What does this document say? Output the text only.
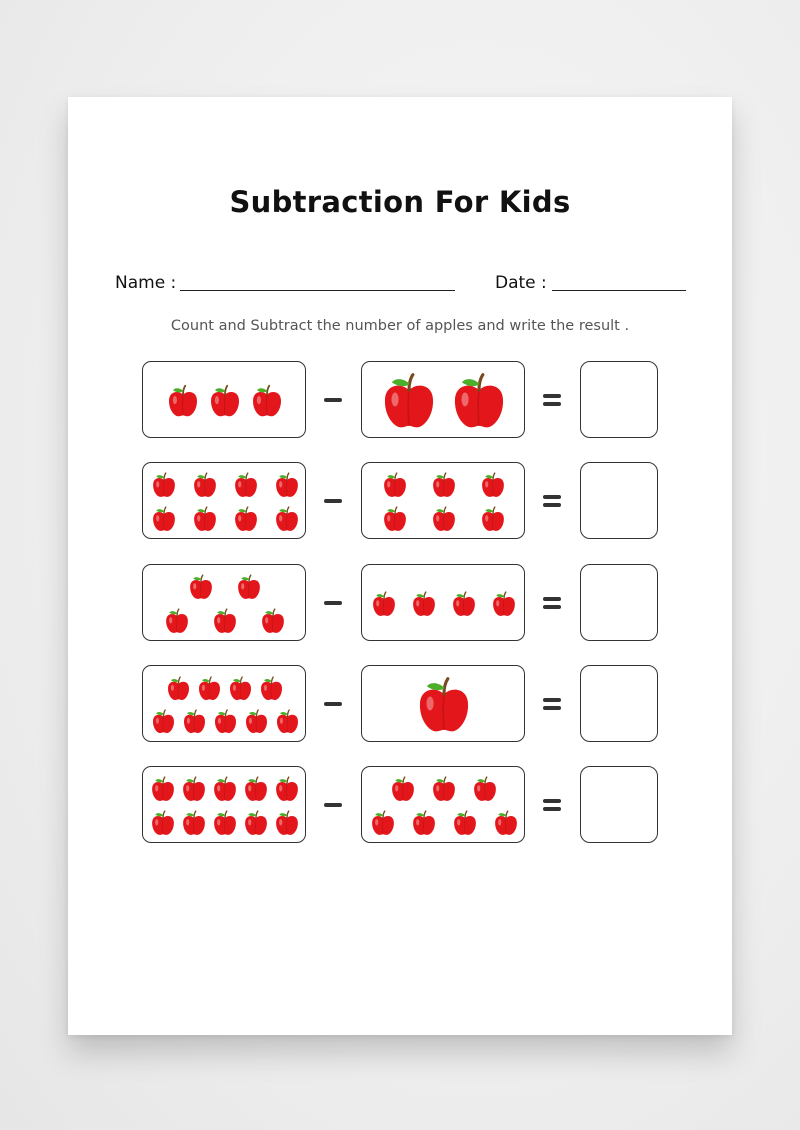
Subtraction For Kids
Name :	Date :
Count and Subtract the number of apples and write the result .
